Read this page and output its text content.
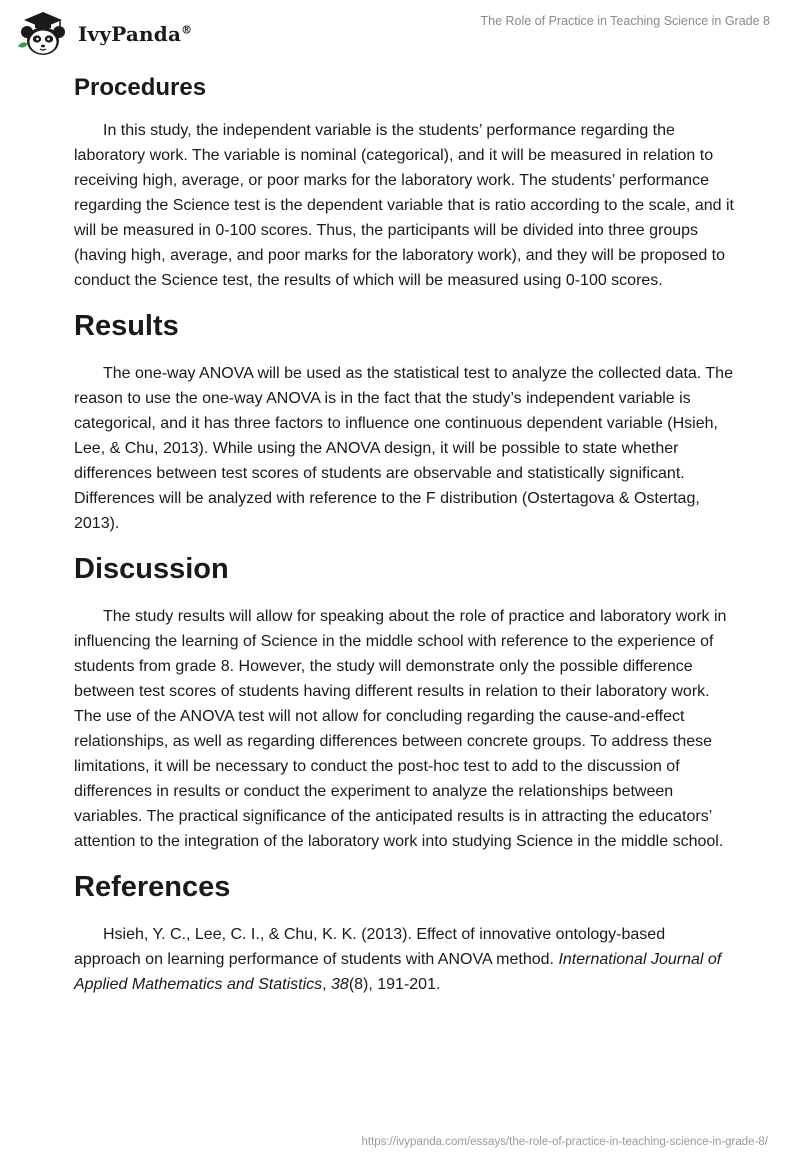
IvyPanda®
The Role of Practice in Teaching Science in Grade 8
Procedures

In this study, the independent variable is the students’ performance regarding the laboratory work. The variable is nominal (categorical), and it will be measured in relation to receiving high, average, or poor marks for the laboratory work. The students’ performance regarding the Science test is the dependent variable that is ratio according to the scale, and it will be measured in 0-100 scores. Thus, the participants will be divided into three groups (having high, average, and poor marks for the laboratory work), and they will be proposed to conduct the Science test, the results of which will be measured using 0-100 scores.

Results

The one-way ANOVA will be used as the statistical test to analyze the collected data. The reason to use the one-way ANOVA is in the fact that the study’s independent variable is categorical, and it has three factors to influence one continuous dependent variable (Hsieh, Lee, & Chu, 2013). While using the ANOVA design, it will be possible to state whether differences between test scores of students are observable and statistically significant. Differences will be analyzed with reference to the F distribution (Ostertagova & Ostertag, 2013).

Discussion

The study results will allow for speaking about the role of practice and laboratory work in influencing the learning of Science in the middle school with reference to the experience of students from grade 8. However, the study will demonstrate only the possible difference between test scores of students having different results in relation to their laboratory work. The use of the ANOVA test will not allow for concluding regarding the cause-and-effect relationships, as well as regarding differences between concrete groups. To address these limitations, it will be necessary to conduct the post-hoc test to add to the discussion of differences in results or conduct the experiment to analyze the relationships between variables. The practical significance of the anticipated results is in attracting the educators’ attention to the integration of the laboratory work into studying Science in the middle school.

References

Hsieh, Y. C., Lee, C. I., & Chu, K. K. (2013). Effect of innovative ontology-based approach on learning performance of students with ANOVA method. International Journal of Applied Mathematics and Statistics, 38(8), 191-201.

https://ivypanda.com/essays/the-role-of-practice-in-teaching-science-in-grade-8/
